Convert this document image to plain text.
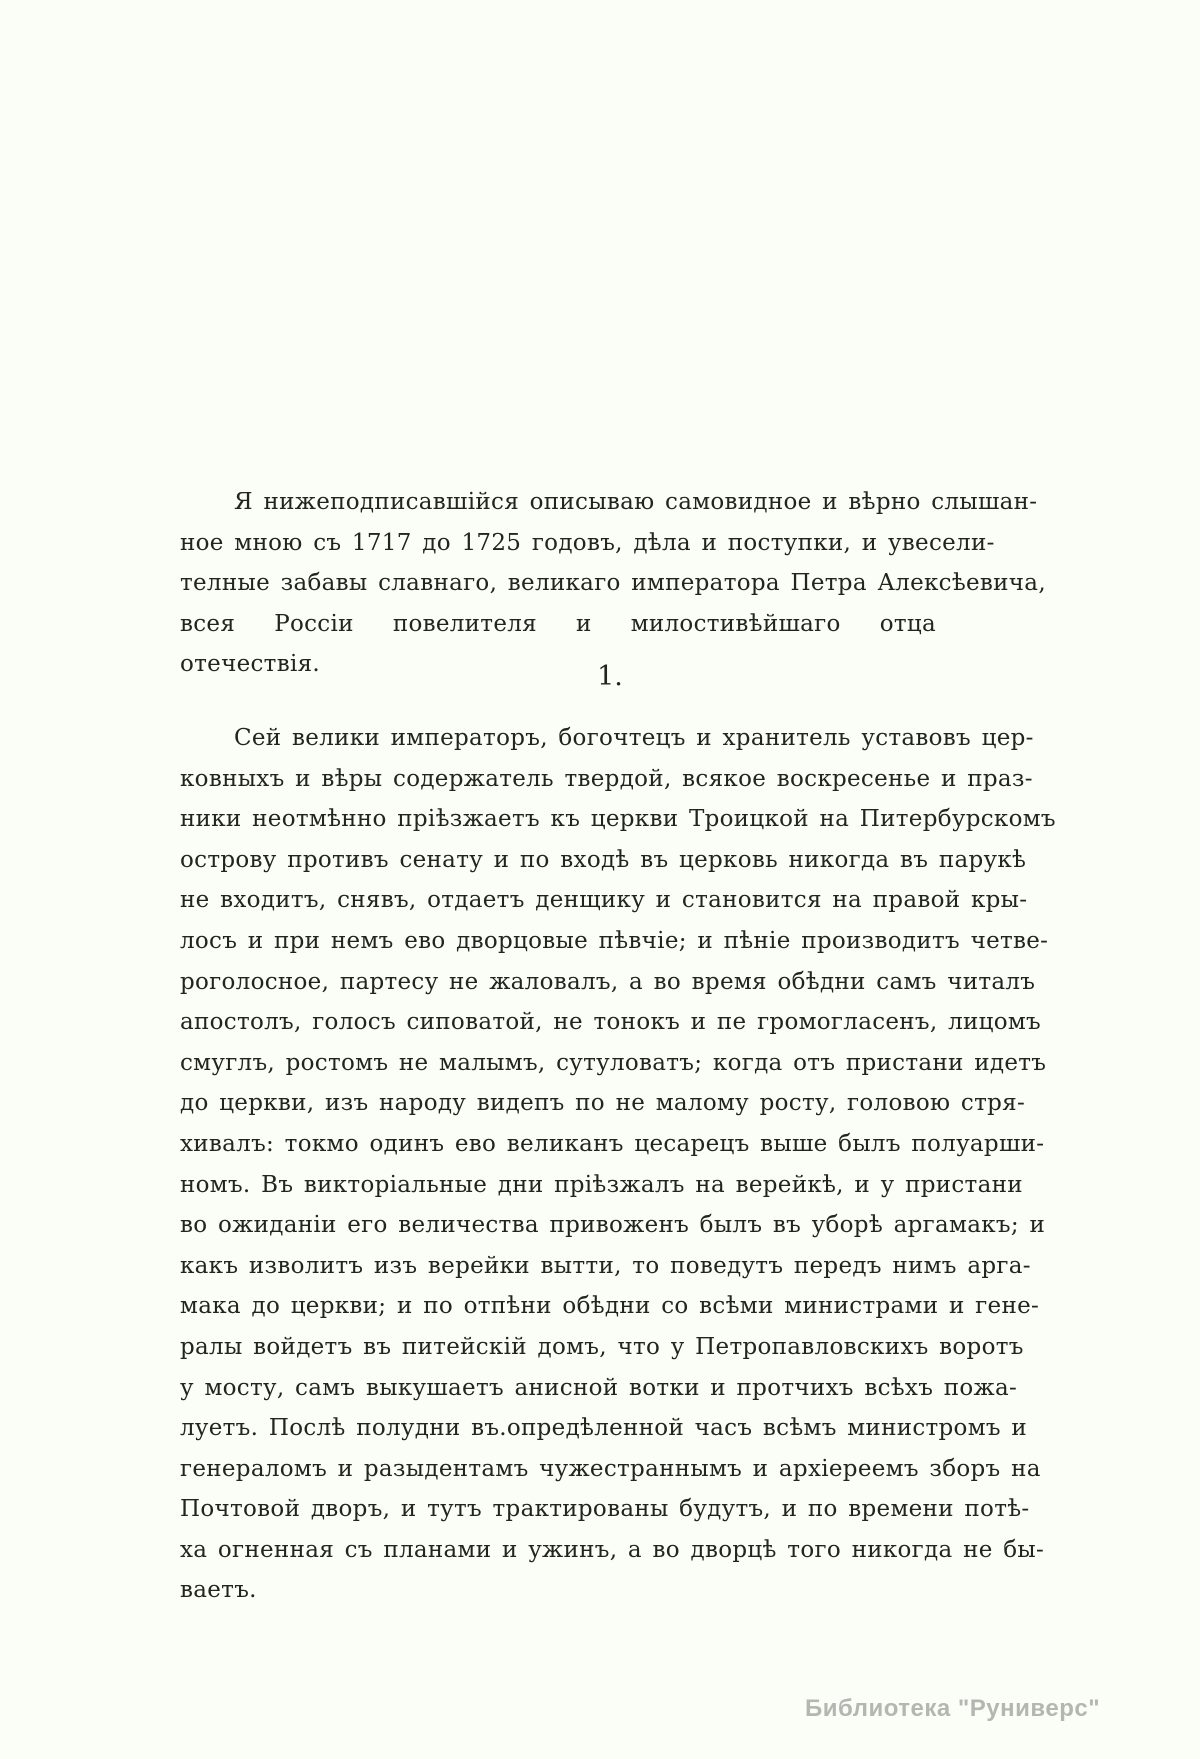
Я нижеподписавшійся описываю самовидное и вѣрно слышан-
ное мною съ 1717 до 1725 годовъ, дѣла и поступки, и увесели-
телные забавы славнаго, великаго императора Петра Алексѣевича,
всея Россіи повелителя и милостивѣйшаго отца отечествія.	1.
Сей велики императоръ, богочтецъ и хранитель уставовъ цер-
ковныхъ и вѣры содержатель твердой, всякое воскресенье и праз-
ники неотмѣнно пріѣзжаетъ къ церкви Троицкой на Питербурскомъ
острову противъ сенату и по входѣ въ церковь никогда въ парукѣ
не входитъ, снявъ, отдаетъ денщику и становится на правой кры-
лосъ и при немъ ево дворцовые пѣвчіе; и пѣніе производитъ четве-
роголосное, партесу не жаловалъ, а во время обѣдни самъ читалъ
апостолъ, голосъ сиповатой, не тонокъ и пе громогласенъ, лицомъ
смуглъ, ростомъ не малымъ, сутуловатъ; когда отъ пристани идетъ
до церкви, изъ народу видепъ по не малому росту, головою стря-
хивалъ: токмо одинъ ево великанъ цесарецъ выше былъ полуарши-
номъ. Въ викторіальные дни пріѣзжалъ на верейкѣ, и у пристани
во ожиданіи его величества привоженъ былъ въ уборѣ аргамакъ; и
какъ изволитъ изъ верейки вытти, то поведутъ передъ нимъ арга-
мака до церкви; и по отпѣни обѣдни со всѣми министрами и гене-
ралы войдетъ въ питейскій домъ, что у Петропавловскихъ воротъ
у мосту, самъ выкушаетъ анисной вотки и протчихъ всѣхъ пожа-
луетъ. Послѣ полудни въ.опредѣленной часъ всѣмъ министромъ и
генераломъ и разыдентамъ чужестраннымъ и архіереемъ зборъ на
Почтовой дворъ, и тутъ трактированы будутъ, и по времени потѣ-
ха огненная съ планами и ужинъ, а во дворцѣ того никогда не бы-
ваетъ.
Библиотека "Руниверс"
